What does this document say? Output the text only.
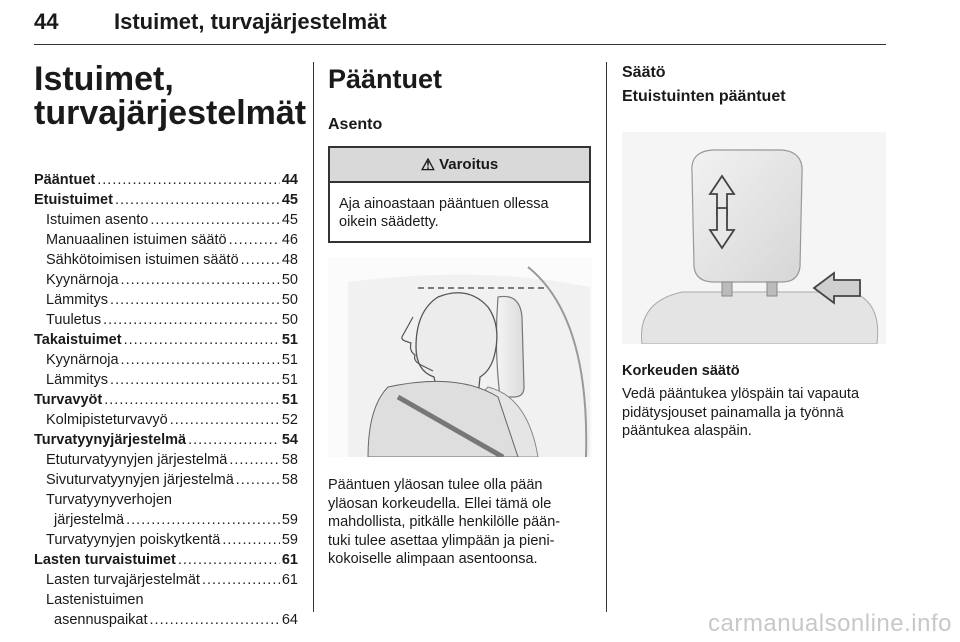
44	Istuimet, turvajärjestelmät
Istuimet,
turvajärjestelmät
Pääntuet .....	44
Etuistuimet .....	45
Istuimen asento .....	45
Manuaalinen istuimen säätö .....	46
Sähkötoimisen istuimen säätö .....	48
Kyynärnoja .....	50
Lämmitys .....	50
Tuuletus .....	50
Takaistuimet .....	51
Kyynärnoja .....	51
Lämmitys .....	51
Turvavyöt .....	51
Kolmipisteturvavyö .....	52
Turvatyynyjärjestelmä .....	54
Etuturvatyynyjen järjestelmä .....	58
Sivuturvatyynyjen järjestelmä .....	58
Turvatyynyverhojen
järjestelmä .....	59
Turvatyynyjen poiskytkentä .....	59
Lasten turvaistuimet .....	61
Lasten turvajärjestelmät .....	61
Lastenistuimen
asennuspaikat .....	64
Pääntuet
Asento
⚠ Varoitus
Aja ainoastaan pääntuen ollessa
oikein säädetty.
Pääntuen yläosan tulee olla pään
yläosan korkeudella. Ellei tämä ole
mahdollista, pitkälle henkilölle pään-
tuki tulee asettaa ylimpään ja pieni-
kokoiselle alimpaan asentoonsa.
Säätö
Etuistuinten pääntuet
Korkeuden säätö
Vedä pääntukea ylöspäin tai vapauta
pidätysjouset painamalla ja työnnä
pääntukea alaspäin.
carmanualsonline.info
